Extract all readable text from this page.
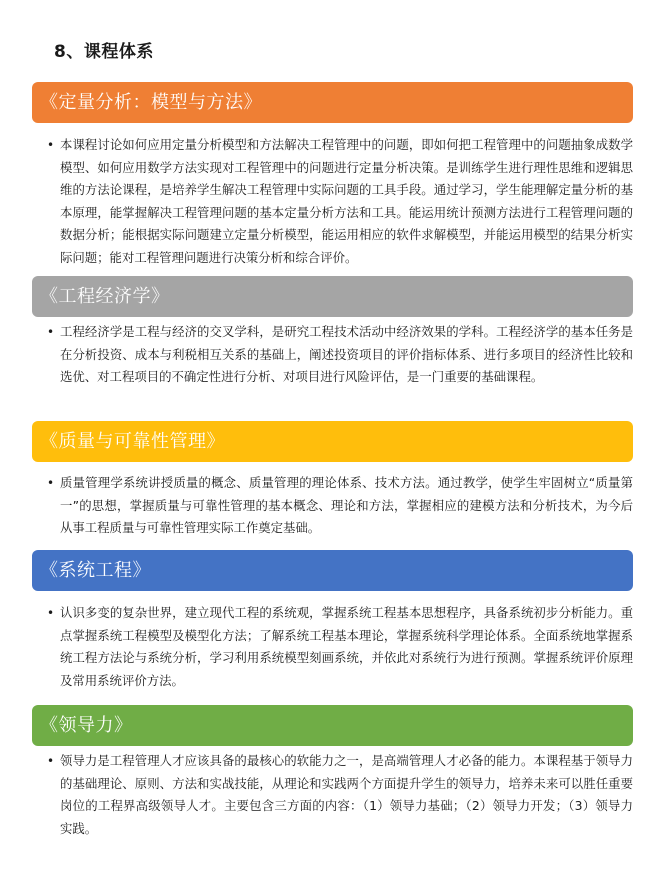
8、课程体系
《定量分析：模型与方法》
• 本课程讨论如何应用定量分析模型和方法解决工程管理中的问题，即如何把工程管理中的问题抽象成数学模型、如何应用数学方法实现对工程管理中的问题进行定量分析决策。是训练学生进行理性思维和逻辑思维的方法论课程，是培养学生解决工程管理中实际问题的工具手段。通过学习，学生能理解定量分析的基本原理，能掌握解决工程管理问题的基本定量分析方法和工具。能运用统计预测方法进行工程管理问题的数据分析；能根据实际问题建立定量分析模型，能运用相应的软件求解模型，并能运用模型的结果分析实际问题；能对工程管理问题进行决策分析和综合评价。
《工程经济学》
• 工程经济学是工程与经济的交叉学科，是研究工程技术活动中经济效果的学科。工程经济学的基本任务是在分析投资、成本与利税相互关系的基础上，阐述投资项目的评价指标体系、进行多项目的经济性比较和选优、对工程项目的不确定性进行分析、对项目进行风险评估，是一门重要的基础课程。
《质量与可靠性管理》
• 质量管理学系统讲授质量的概念、质量管理的理论体系、技术方法。通过教学，使学生牢固树立“质量第一”的思想，掌握质量与可靠性管理的基本概念、理论和方法，掌握相应的建模方法和分析技术，为今后从事工程质量与可靠性管理实际工作奠定基础。
《系统工程》
• 认识多变的复杂世界，建立现代工程的系统观，掌握系统工程基本思想程序，具备系统初步分析能力。重点掌握系统工程模型及模型化方法；了解系统工程基本理论，掌握系统科学理论体系。全面系统地掌握系统工程方法论与系统分析，学习利用系统模型刻画系统，并依此对系统行为进行预测。掌握系统评价原理及常用系统评价方法。
《领导力》
• 领导力是工程管理人才应该具备的最核心的软能力之一，是高端管理人才必备的能力。本课程基于领导力的基础理论、原则、方法和实战技能，从理论和实践两个方面提升学生的领导力，培养未来可以胜任重要岗位的工程界高级领导人才。主要包含三方面的内容：（1）领导力基础；（2）领导力开发；（3）领导力实践。
